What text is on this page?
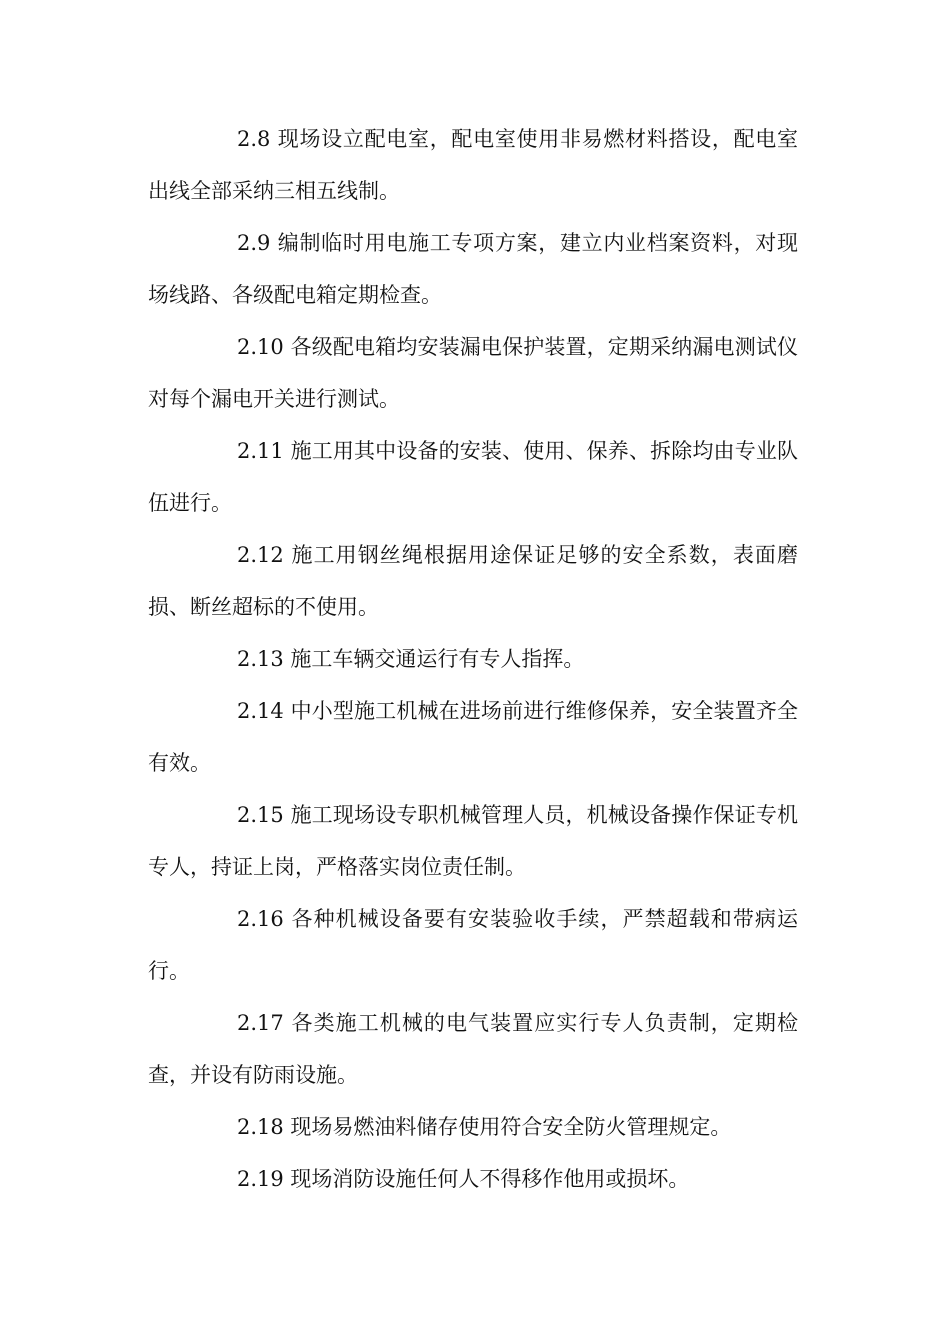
2.8 现场设立配电室，配电室使用非易燃材料搭设，配电室出线全部采纳三相五线制。

2.9 编制临时用电施工专项方案，建立内业档案资料，对现场线路、各级配电箱定期检查。

2.10 各级配电箱均安装漏电保护装置，定期采纳漏电测试仪对每个漏电开关进行测试。

2.11 施工用其中设备的安装、使用、保养、拆除均由专业队伍进行。

2.12 施工用钢丝绳根据用途保证足够的安全系数，表面磨损、断丝超标的不使用。

2.13 施工车辆交通运行有专人指挥。

2.14 中小型施工机械在进场前进行维修保养，安全装置齐全有效。

2.15 施工现场设专职机械管理人员，机械设备操作保证专机专人，持证上岗，严格落实岗位责任制。

2.16 各种机械设备要有安装验收手续，严禁超载和带病运行。

2.17 各类施工机械的电气装置应实行专人负责制，定期检查，并设有防雨设施。

2.18 现场易燃油料储存使用符合安全防火管理规定。

2.19 现场消防设施任何人不得移作他用或损坏。
